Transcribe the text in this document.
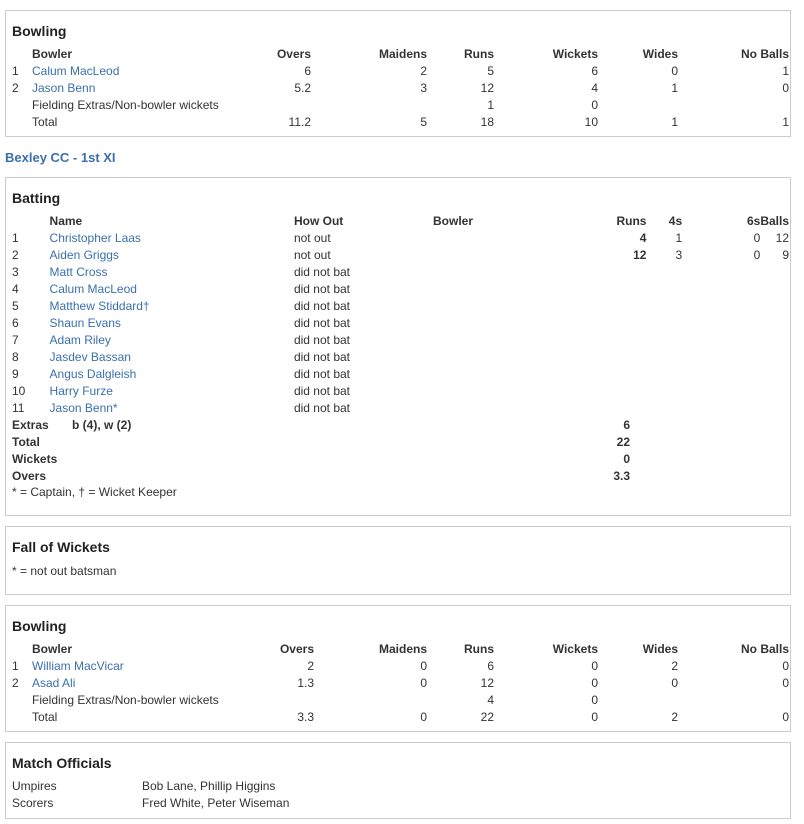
Bowling
	Bowler	Overs	Maidens	Runs	Wickets	Wides	No Balls
1	Calum MacLeod	6	2	5	6	0	1
2	Jason Benn	5.2	3	12	4	1	0
	Fielding Extras/Non-bowler wickets			1	0		
	Total	11.2	5	18	10	1	1
Bexley CC - 1st XI
Batting
	Name	How Out	Bowler	Runs	4s	6s	Balls
1	Christopher Laas	not out		4	1	0	12
2	Aiden Griggs	not out		12	3	0	9
3	Matt Cross	did not bat					
4	Calum MacLeod	did not bat					
5	Matthew Stiddard†	did not bat					
6	Shaun Evans	did not bat					
7	Adam Riley	did not bat					
8	Jasdev Bassan	did not bat					
9	Angus Dalgleish	did not bat					
10	Harry Furze	did not bat					
11	Jason Benn*	did not bat					
Extras b (4), w (2)	6
Total	22
Wickets	0
Overs	3.3
* = Captain, † = Wicket Keeper
Fall of Wickets
* = not out batsman
Bowling
	Bowler	Overs	Maidens	Runs	Wickets	Wides	No Balls
1	William MacVicar	2	0	6	0	2	0
2	Asad Ali	1.3	0	12	0	0	0
	Fielding Extras/Non-bowler wickets			4	0		
	Total	3.3	0	22	0	2	0
Match Officials
Umpires	Bob Lane, Phillip Higgins
Scorers	Fred White, Peter Wiseman
